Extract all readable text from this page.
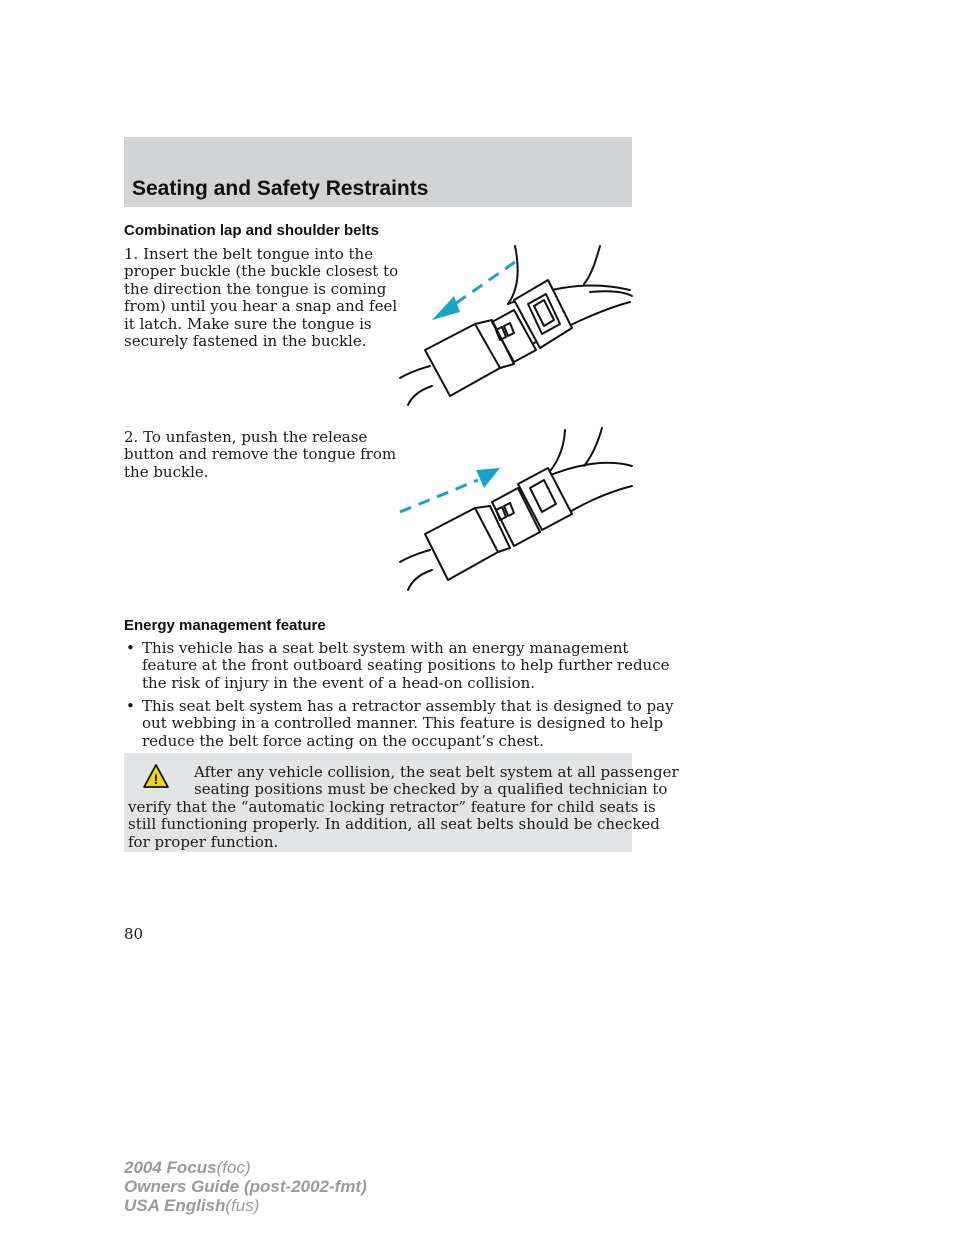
Seating and Safety Restraints
Combination lap and shoulder belts
1. Insert the belt tongue into the
proper buckle (the buckle closest to
the direction the tongue is coming
from) until you hear a snap and feel
it latch. Make sure the tongue is
securely fastened in the buckle.
2. To unfasten, push the release
button and remove the tongue from
the buckle.
Energy management feature
• This vehicle has a seat belt system with an energy management
feature at the front outboard seating positions to help further reduce
the risk of injury in the event of a head-on collision.
• This seat belt system has a retractor assembly that is designed to pay
out webbing in a controlled manner. This feature is designed to help
reduce the belt force acting on the occupant’s chest.
!	After any vehicle collision, the seat belt system at all passenger
seating positions must be checked by a qualified technician to
verify that the “automatic locking retractor” feature for child seats is
still functioning properly. In addition, all seat belts should be checked
for proper function.
80
2004 Focus(foc)
Owners Guide (post-2002-fmt)
USA English(fus)
